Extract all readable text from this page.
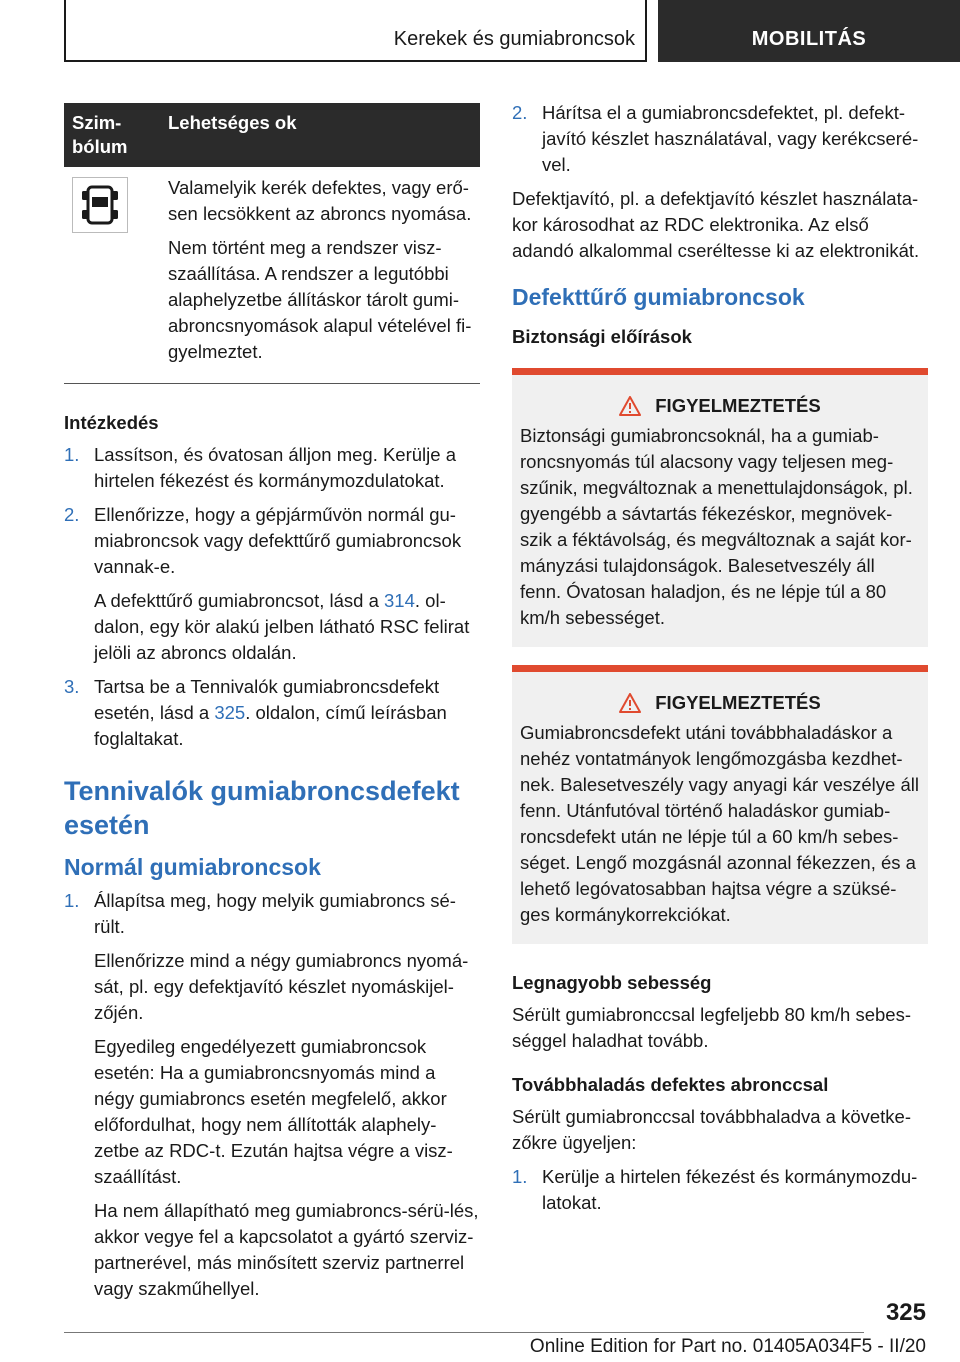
Kerekek és gumiabroncsok	MOBILITÁS
Szim-
bólum	Lehetséges ok

Valamelyik kerék defektes, vagy erő-sen lecsökkent az abroncs nyomása.

Nem történt meg a rendszer visz-szaállítása. A rendszer a legutóbbi alaphelyzetbe állításkor tárolt gumi-abroncsnyomások alapul vételével fi-gyelmeztet.

Intézkedés
1. Lassítson, és óvatosan álljon meg. Kerülje a hirtelen fékezést és kormánymozdulatokat.

2. Ellenőrizze, hogy a gépjárművön normál gu-miabroncsok vagy defekttűrő gumiabroncsok vannak-e.

A defekttűrő gumiabroncsot, lásd a 314. ol-dalon, egy kör alakú jelben látható RSC felirat jelöli az abroncs oldalán.

3. Tartsa be a Tennivalók gumiabroncsdefekt esetén, lásd a 325. oldalon, című leírásban foglaltakat.

Tennivalók gumiabroncsdefekt esetén
Normál gumiabroncsok
1. Állapítsa meg, hogy melyik gumiabroncs sé-rült.

Ellenőrizze mind a négy gumiabroncs nyomá-sát, pl. egy defektjavító készlet nyomáskijel-zőjén.

Egyedileg engedélyezett gumiabroncsok esetén: Ha a gumiabroncsnyomás mind a négy gumiabroncs esetén megfelelő, akkor előfordulhat, hogy nem állították alaphely-zetbe az RDC-t. Ezután hajtsa végre a visz-szaállítást.

Ha nem állapítható meg gumiabroncs-sérü-lés, akkor vegye fel a kapcsolatot a gyártó szerviz-partnerével, más minősített szerviz partnerrel vagy szakműhellyel.

2. Hárítsa el a gumiabroncsdefektet, pl. defekt-javító készlet használatával, vagy kerékcseré-vel.

Defektjavító, pl. a defektjavító készlet használata-kor károsodhat az RDC elektronika. Az első adandó alkalommal cseréltesse ki az elektronikát.

Defekttűrő gumiabroncsok
Biztonsági előírások
FIGYELMEZTETÉS

Biztonsági gumiabroncsoknál, ha a gumiab-roncsnyomás túl alacsony vagy teljesen meg-szűnik, megváltoznak a menettulajdonságok, pl. gyengébb a sávtartás fékezéskor, megnövek-szik a féktávolság, és megváltoznak a saját kor-mányzási tulajdonságok. Balesetveszély áll fenn. Óvatosan haladjon, és ne lépje túl a 80 km/h sebességet.

FIGYELMEZTETÉS

Gumiabroncsdefekt utáni továbbhaladáskor a nehéz vontatmányok lengőmozgásba kezdhet-nek. Balesetveszély vagy anyagi kár veszélye áll fenn. Utánfutóval történő haladáskor gumiab-roncsdefekt után ne lépje túl a 60 km/h sebes-séget. Lengő mozgásnál azonnal fékezzen, és a lehető legóvatosabban hajtsa végre a szüksé-ges kormánykorrekciókat.

Legnagyobb sebesség

Sérült gumiabronccsal legfeljebb 80 km/h sebes-séggel haladhat tovább.

Továbbhaladás defektes abronccsal

Sérült gumiabronccsal továbbhaladva a követke-zőkre ügyeljen:

1. Kerülje a hirtelen fékezést és kormánymozdu-latokat.

325
Online Edition for Part no. 01405A034F5 - II/20
